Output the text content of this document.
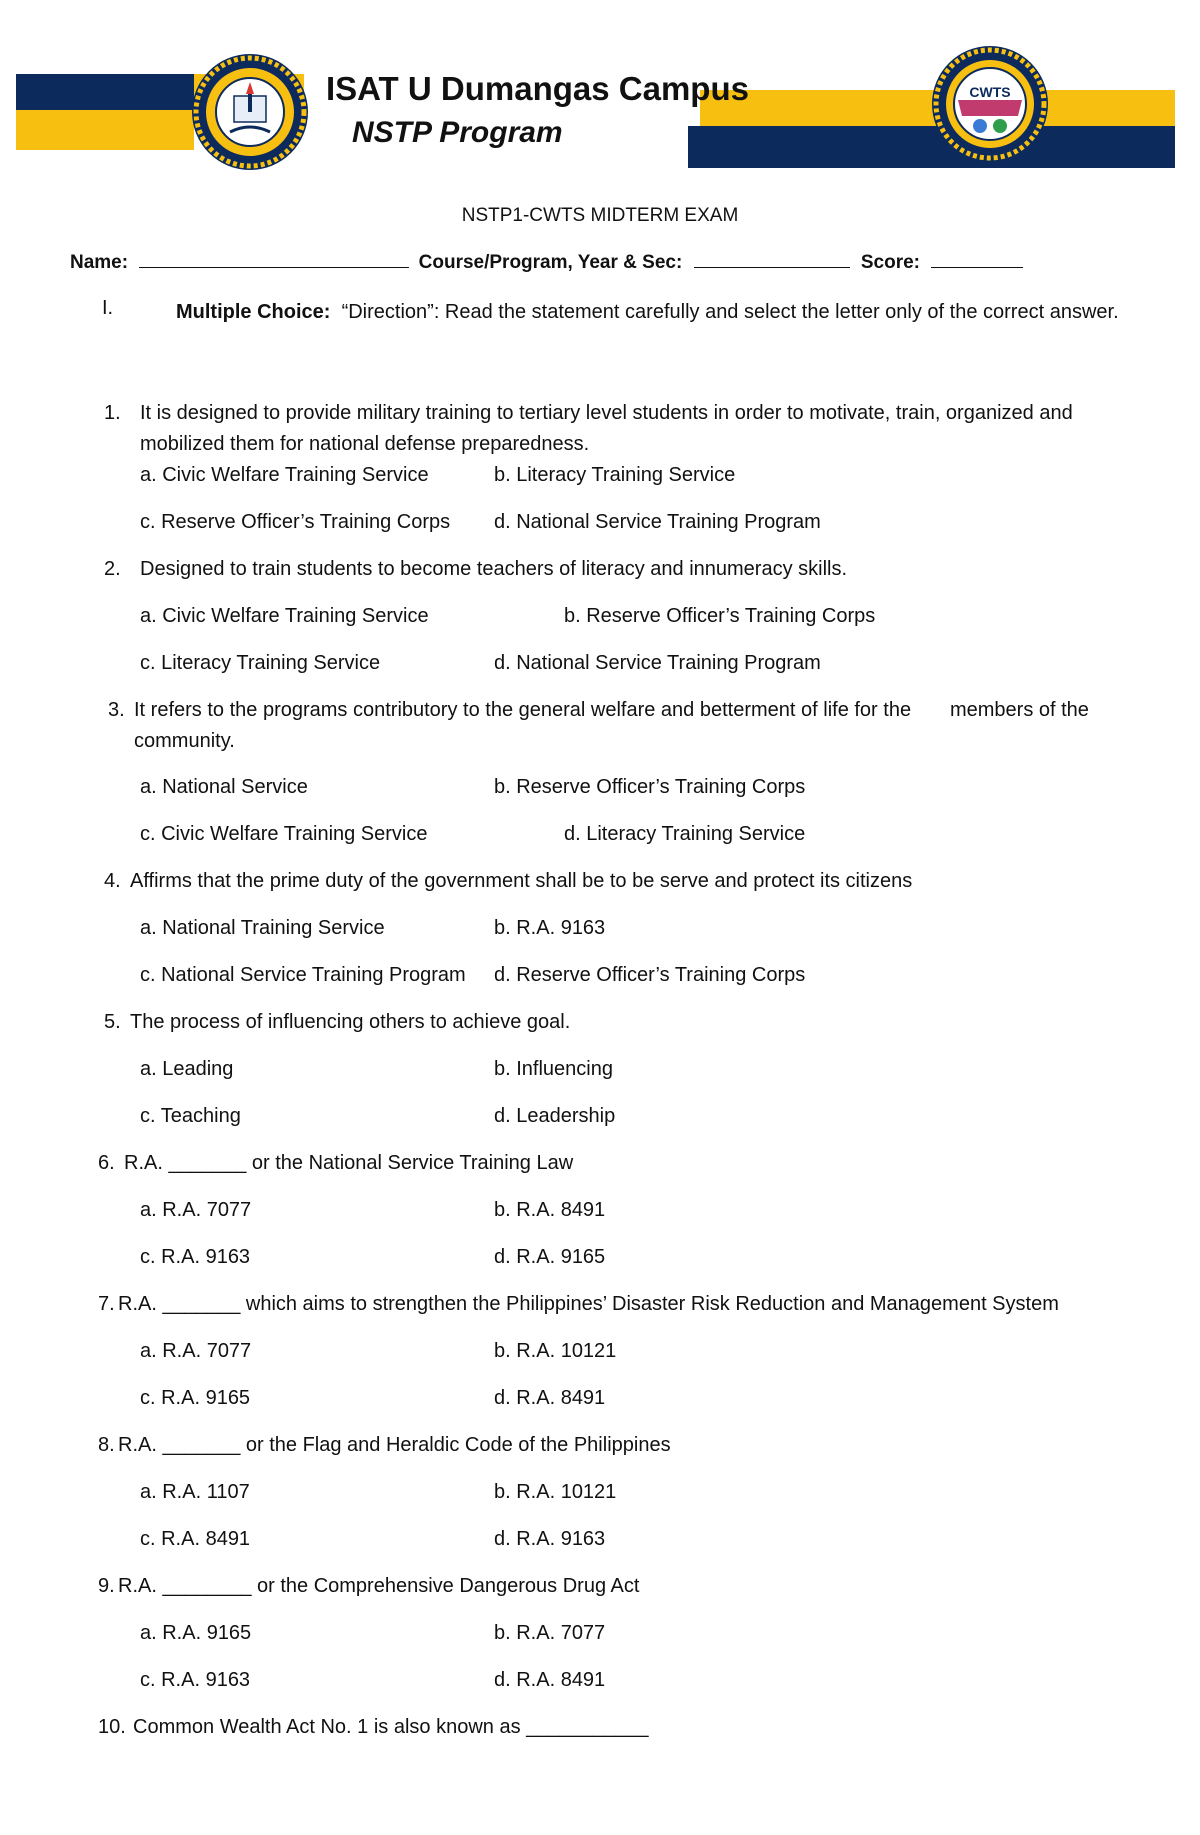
CWTS
ISAT U Dumangas Campus
NSTP Program
NSTP1-CWTS MIDTERM EXAM
Name:	Course/Program, Year & Sec:	Score:
I.	Multiple Choice: “Direction”: Read the statement carefully and select the letter only of the correct answer.
1. It is designed to provide military training to tertiary level students in order to motivate, train, organized and mobilized them for national defense preparedness.
a. Civic Welfare Training Service	b. Literacy Training Service
c. Reserve Officer’s Training Corps d. National Service Training Program
2. Designed to train students to become teachers of literacy and innumeracy skills.
a. Civic Welfare Training Service	b. Reserve Officer’s Training Corps
c. Literacy Training Service	d. National Service Training Program
3. It refers to the programs contributory to the general welfare and betterment of life for the       members of the community.
a. National Service	b. Reserve Officer’s Training Corps
c. Civic Welfare Training Service	d. Literacy Training Service
4. Affirms that the prime duty of the government shall be to be serve and protect its citizens
a. National Training Service	b. R.A. 9163
c. National Service Training Program d. Reserve Officer’s Training Corps
5. The process of influencing others to achieve goal.
a. Leading	b. Influencing
c. Teaching	d. Leadership
6. R.A. _______ or the National Service Training Law
a. R.A. 7077	b. R.A. 8491
c. R.A. 9163	d. R.A. 9165
7. R.A. _______ which aims to strengthen the Philippines’ Disaster Risk Reduction and Management System
a. R.A. 7077	b. R.A. 10121
c. R.A. 9165	d. R.A. 8491
8. R.A. _______ or the Flag and Heraldic Code of the Philippines
a. R.A. 1107	b. R.A. 10121
c. R.A. 8491	d. R.A. 9163
9. R.A. ________ or the Comprehensive Dangerous Drug Act
a. R.A. 9165	b. R.A. 7077
c. R.A. 9163	d. R.A. 8491
10. Common Wealth Act No. 1 is also known as ___________
